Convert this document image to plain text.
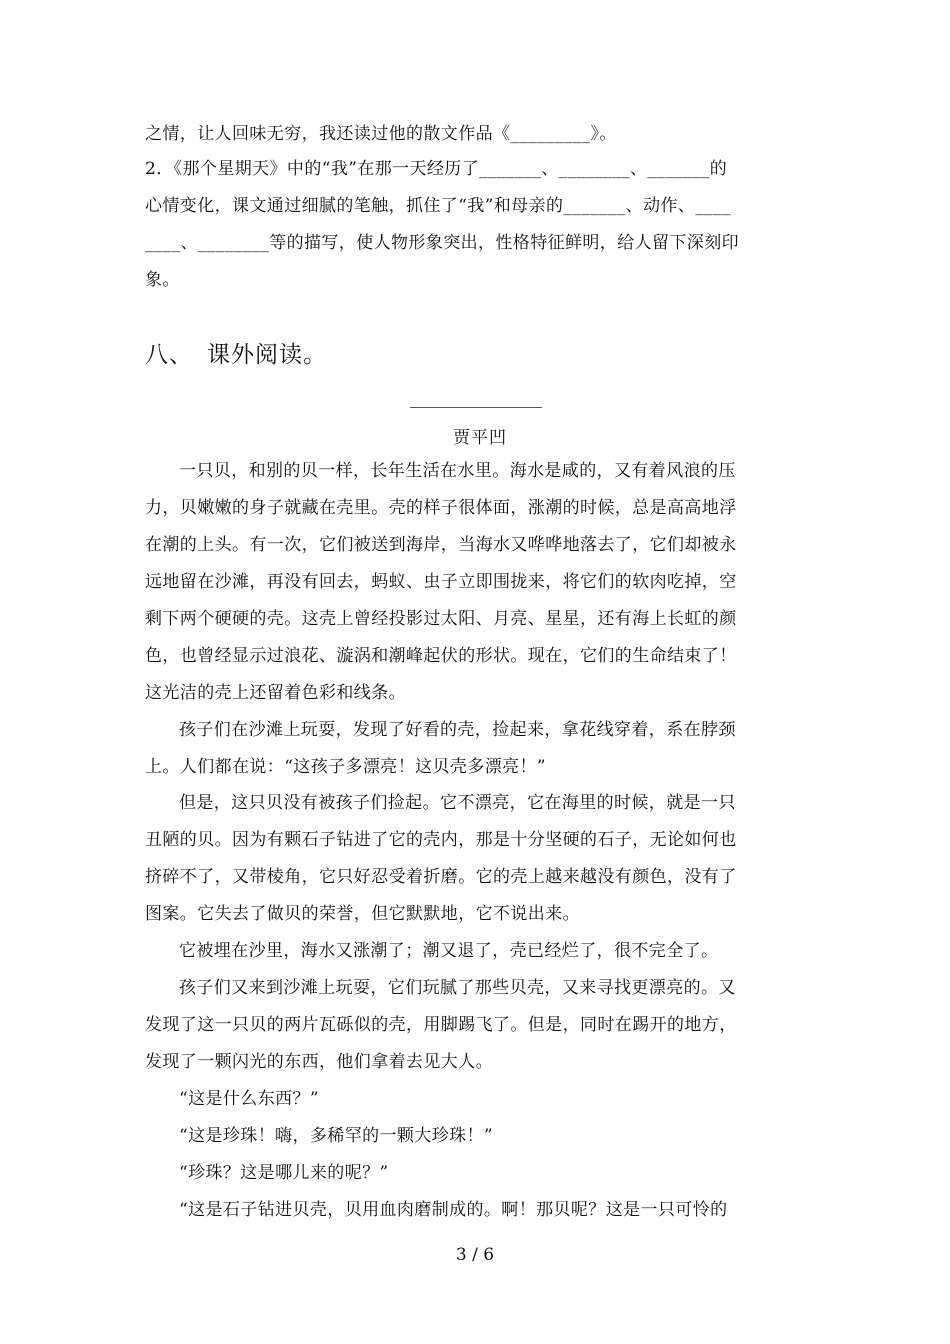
之情，让人回味无穷，我还读过他的散文作品《_________》。
2．《那个星期天》中的“我”在那一天经历了_______、________、_______的
心情变化，课文通过细腻的笔触，抓住了“我”和母亲的_______、动作、____
____、________等的描写，使人物形象突出，性格特征鲜明，给人留下深刻印
象。
八、 课外阅读。
贾平凹
一只贝，和别的贝一样，长年生活在水里。海水是咸的，又有着风浪的压
力，贝嫩嫩的身子就藏在壳里。壳的样子很体面，涨潮的时候，总是高高地浮
在潮的上头。有一次，它们被送到海岸，当海水又哗哗地落去了，它们却被永
远地留在沙滩，再没有回去，蚂蚁、虫子立即围拢来，将它们的软肉吃掉，空
剩下两个硬硬的壳。这壳上曾经投影过太阳、月亮、星星，还有海上长虹的颜
色，也曾经显示过浪花、漩涡和潮峰起伏的形状。现在，它们的生命结束了！
这光洁的壳上还留着色彩和线条。
孩子们在沙滩上玩耍，发现了好看的壳，捡起来，拿花线穿着，系在脖颈
上。人们都在说：“这孩子多漂亮！这贝壳多漂亮！”
但是，这只贝没有被孩子们捡起。它不漂亮，它在海里的时候，就是一只
丑陋的贝。因为有颗石子钻进了它的壳内，那是十分坚硬的石子，无论如何也
挤碎不了，又带棱角，它只好忍受着折磨。它的壳上越来越没有颜色，没有了
图案。它失去了做贝的荣誉，但它默默地，它不说出来。
它被埋在沙里，海水又涨潮了；潮又退了，壳已经烂了，很不完全了。
孩子们又来到沙滩上玩耍，它们玩腻了那些贝壳，又来寻找更漂亮的。又
发现了这一只贝的两片瓦砾似的壳，用脚踢飞了。但是，同时在踢开的地方，
发现了一颗闪光的东西，他们拿着去见大人。
“这是什么东西？”
“这是珍珠！嗨，多稀罕的一颗大珍珠！”
“珍珠？这是哪儿来的呢？”
“这是石子钻进贝壳，贝用血肉磨制成的。啊！那贝呢？这是一只可怜的
3 / 6
